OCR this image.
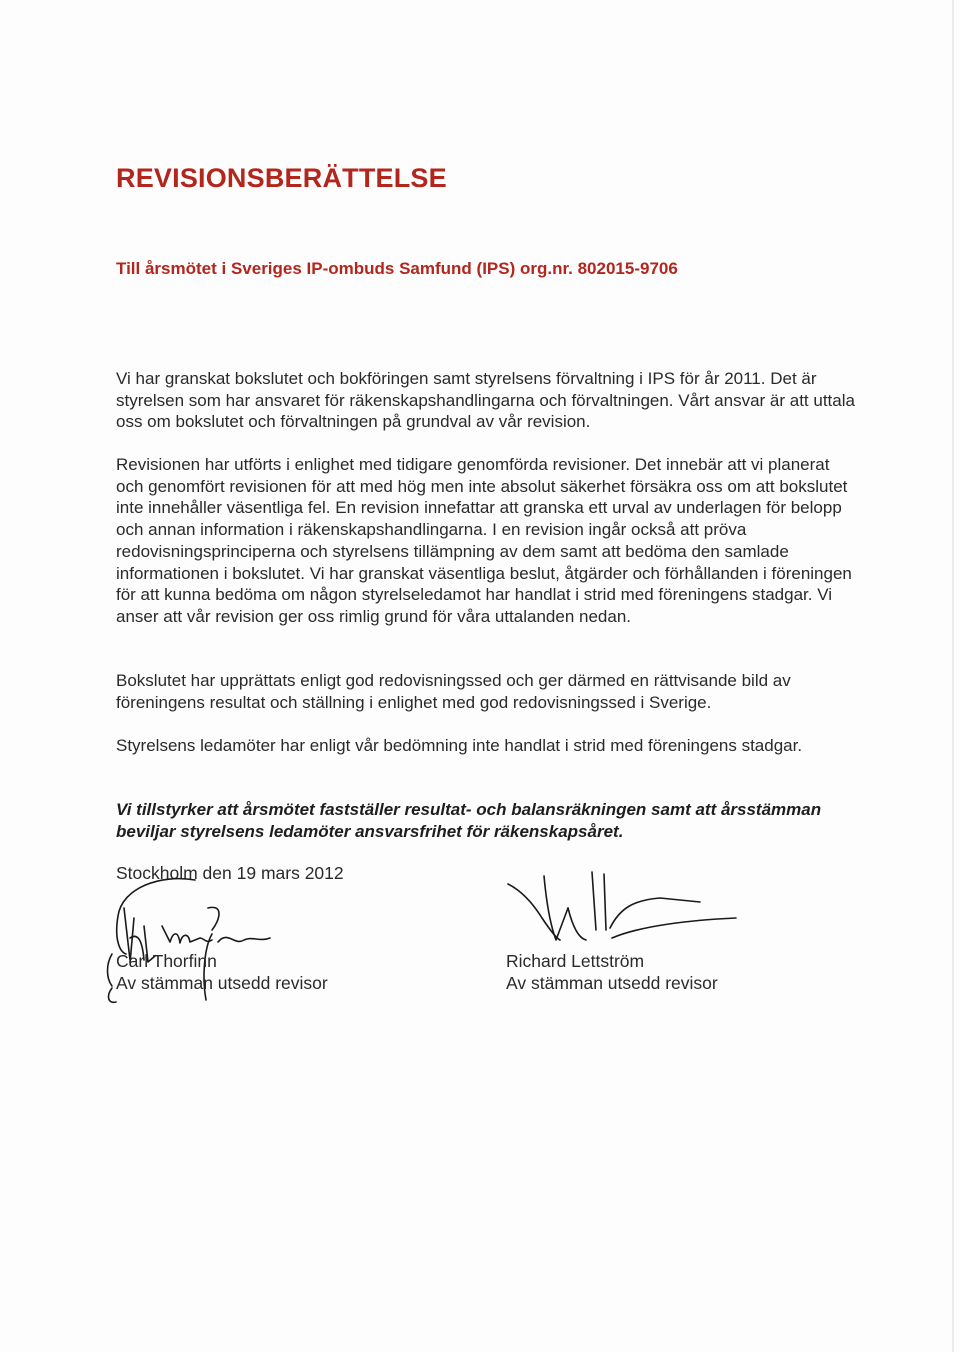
REVISIONSBERÄTTELSE
Till årsmötet i Sveriges IP-ombuds Samfund (IPS) org.nr. 802015-9706
Vi har granskat bokslutet och bokföringen samt styrelsens förvaltning i IPS för år 2011. Det är styrelsen som har ansvaret för räkenskapshandlingarna och förvaltningen. Vårt ansvar är att uttala oss om bokslutet och förvaltningen på grundval av vår revision.
Revisionen har utförts i enlighet med tidigare genomförda revisioner. Det innebär att vi planerat och genomfört revisionen för att med hög men inte absolut säkerhet försäkra oss om att bokslutet inte innehåller väsentliga fel. En revision innefattar att granska ett urval av underlagen för belopp och annan information i räkenskapshandlingarna. I en revision ingår också att pröva redovisningsprinciperna och styrelsens tillämpning av dem samt att bedöma den samlade informationen i bokslutet. Vi har granskat väsentliga beslut, åtgärder och förhållanden i föreningen för att kunna bedöma om någon styrelseledamot har handlat i strid med föreningens stadgar. Vi anser att vår revision ger oss rimlig grund för våra uttalanden nedan.
Bokslutet har upprättats enligt god redovisningssed och ger därmed en rättvisande bild av föreningens resultat och ställning i enlighet med god redovisningssed i Sverige.
Styrelsens ledamöter har enligt vår bedömning inte handlat i strid med föreningens stadgar.
Vi tillstyrker att årsmötet fastställer resultat- och balansräkningen samt att årsstämman beviljar styrelsens ledamöter ansvarsfrihet för räkenskapsåret.
Stockholm den 19 mars 2012
Carl Thorfinn
Av stämman utsedd revisor
Richard Lettström
Av stämman utsedd revisor
